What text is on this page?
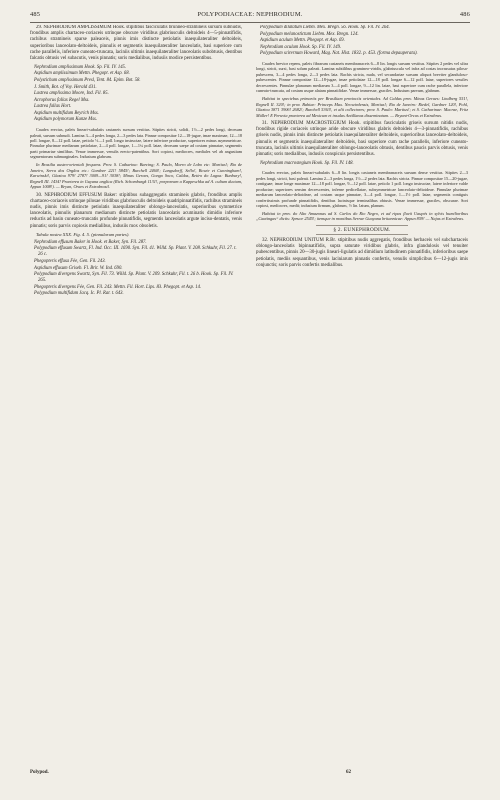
485	POLYPODIACEAE: NEPHRODIUM.	486

29. NEPHRODIUM AMPLISSIMUM Hook. stipitibus fasciculatis brunneo-stramineis sursum subnudis, frondibus amplis chartaceo-coriaceis utrinque obscure viridibus glabriusculis deltoideis 4—5-pinnatifidis, rachibus stramineis sparse paleaceis, pinnis imis distincte petiolatis inaequilateraliter deltoideis, superioribus lanceolato-deltoideis, pinnulis et segmentis inaequilateraliter lanceolatis, basi superiore cum rache parallelis, inferiore cuneato-truncata, laciniis ultimis inaequilateraliter lanceolatis subobtusis, dentibus falcatis obtusis vel subacutis, venis pinnatis; soris medialibus, indusiis modice persistentibus.

Nephrodium amplissimum Hook. Sp. Fil. IV. 145.

Aspidium amplissimum Mettn. Phegopt. et Asp. 68.

Polystichum amplissimum Presl, Tent. 84. Epim. Bot. 58.

J. Smith, Bot. of Voy. Herald 431.

Lastrea amplissima Moore, Ind. Fil. 85.

Acrophorus fallax Regel Mss.

Lastrea fallax Hort.

Aspidium multifidum Beyrich Mss.

Aspidium polymorum Kunze Mss.

Caudex erectus, paleis lineari-subulatis castaneis sursum vestitus. Stipites stricti, solidi, 1½—2 pedes longi, deorsum paleati, sursum subnudi. Lamina 3—4 pedes longa, 2—3 pedes lata. Pinnae compositae 12—18-jugae, imae maximae, 12—18 poll. longae, 8—12 poll. latae, petiolo ½—1 poll. longo instructae, latere inferiore productae, superiores minus asymmetricae. Pinnulae plurimae mediarum petiolatae, 2—4 poll. longae, 1—1¼ poll. latae, deorsum saepe ad costam pinnatae, segmentis parti primariae similibus. Venae immersae, venulis erecto-patentibus. Sori copiosi, mediocres, mediales vel ab angustiam segmentorum submarginales. Indusium glabrum.

In Brasilia austro-orientali frequens. Prov. S. Catharina: Barcing; S. Paulo, Morro de Lobo etc: Martius!; Rio de Janeiro, Serra dos Orgãos etc.: Gardner 221! 5845!; Burchell 2460!; Langsdorff, Sello!, Bowie et Cunningham!, Karwinski!, Glaziou 979! 2787! 3009—91! 3038!; Minas Geraes, Gongo Soco, Caldas, Retiro do Lagoa: Bunbury!, Regnell III. 1434! Praeterea in Guyana anglica (Rich. Schomburgk 1131!, porpoream a Kappeschka ad A. cultum ductum, Appun 1008!). — Bryan, Oraes et Extrabrasil.

30. NEPHRODIUM EFFUSUM Baker: stipitibus subaggregatis stramineis glabris, frondibus amplis chartaceo-coriaceis utrinque pilosae viridibus glabriusculis deltoideis quadripinnatifidis, rachibus stramineis nudis, pinnis imis distincte petiolatis inaequilateraliter oblongo-lanceolatis, superioribus symmetrice lanceolatis, pinnulis planarum medianum distincte petiolatis lanceolatis acuminatis dimidio inferiore reductis ad basin cuneato-truncatis profunde pinnatifidis, segmentis lanceolatis argute inciso-dentatis, venis pinnatis; soris parvis copiosis medialibus, indusiis mox obsoletis.

Tabula nostra XXX. Fig. 4. 5. (pinnularum partes).

Nephrodium effusum Baker in Hook. et Baker, Syn. Fil. 287.

Polypodium effusum Swartz, Fl. Ind. Occ. III. 1690. Syn. Fil. 41. Willd. Sp. Plant. V. 208. Schkuhr, Fil. 27. t. 26 c.

Phegopteris effusa Fée, Gen. Fil. 243.

Aspidium effusum Griseb. Fl. Brit. W. Ind. 690.

Polypodium divergens Swartz, Syn. Fil. 73. Willd. Sp. Plant. V. 209. Schkuhr, Fil. t. 26 b. Hook. Sp. Fil. IV. 265.

Phegopteris divergens Fée, Gen. Fil. 243. Mettn. Fil. Hort. Lips. 83. Phegopt. et Asp. 14.

Polypodium multifidum Jacq. Ic. Pl. Rar. t. 643.

Polypodium dilatatum Liebm. Mex. Bregn. 56. Hook. Sp. Fil. IV. 264.

Polypodium melanostictum Liebm. Mex. Bregn. 124.

Aspidium aculum Mettn. Phegopt. et Asp. 69.

Nephrodium aculum Hook. Sp. Fil. IV. 149.

Polypodium scirernum Howard, Mag. Nat. Hist. 1832. p. 453. (forma depauperata).

Caudex brevior repens, paleis fibrarum castaneis membranaceis 6—8 lin. longis sursum vestitus. Stipites 2 pedes vel ultra longi, stricti, sursi, basi solum paleati. Lamina subtilibus gramineo-viridis, glabriuscula vel infra ad costas incrassatas pilosa-pubescens, 3—4 pedes longa, 2—3 pedes lata. Rachis stricta, nuda, vel secundariae sursum aliquot breviter glanduloso-pubescentes. Pinnae compositae 12—18-jugae, imae petiolatae 12—18 poll. longae 6—12 poll. latae, superiores sessiles decrescentes. Pinnulae planarum mediarum 3—4 poll. longae, 9—12 lin. latae, basi superiore cum rache parallela, inferiore cuneato-truncata, ad costam usque alatam pinnatifidae. Venae immersae, graciles. Indusium parvum, glabrum.

Habitat in speciebus primariis per Brasiliam provinciis orientales. Ad Caldas prov. Minas Geraes: Lindberg 551!, Regnell II. 320!; in prov. Bahiae: Princeps Max. Neowiedensis, Martius!; Rio de Janeiro: Riedel, Gardner 120!, Pohl, Glaziou 3871 3906! 2682!; Burchell 5363!, et alii collectores; prov. S. Paulo: Martius!; et S. Catharinae: Macrae, Fritz Müller! E Peruvia praeterea ad Mexicum et insulas Antillanas disseminatum. — Bryant-Orcas et Extrabras.

31. NEPHRODIUM MACROSTEGIUM Hook. stipitibus fasciculatis griseis sursum nitidis nudis, frondibus rigide coriaceis utrinque aride obscure viridibus glabris deltoideis 4—3-pinnatifidis, rachibus griseis nudis, pinnis imis distincte petiolatis inaequilateraliter deltoideis, superioribus lanceolato-deltoideis, pinnulis et segmentis inaequilateraliter deltoideis, basi superiore cum rache parallelis, inferiore cuneato-truncata, laciniis ultimis inaequilateraliter oblongo-lanceolatis obtusis, dentibus paucis parvis obtusis, venis pinnatis; soris medialibus, indusiis conspicuis persistentibus.

Nephrodium macrostegium Hook. Sp. Fil. IV. 148.

Caudex erectus, paleis lineari-subulatis 6—8 lin. longis castaneis membranaceis sursum dense vestitus. Stipites 2—3 pedes longi, stricti, basi paleati. Lamina 2—3 pedes longa, 1½—2 pedes lata. Rachis stricta. Pinnae compositae 15—20-jugae, contiguae; imae longe maximae 12—18 poll. longae, 9—12 poll. latae, petiolo 1 poll. longo instructae, latere inferiore valde productae; superiores sensim decrescentes, inferne pedicellatae, subsymmetricae lanceolato-deltoideae. Pinnulae plurimae mediarum lanceolato-deltoideae, ad costam usque pinnatae, 3—4 poll. longae, 1—1½ poll. latae, segmentis contiguis confertissimis profunde pinnatifidis, dentibus lacinisque terminalibus obtusis. Venae immersae, graciles, obscurae. Sori copiosi, mediocres, medii; indusium firmum, glabrum, ½ lin. latum, planum.

Habitat in prov. do Alto Amazonas ad S. Carlos do Rio Negro, et ad ripas fluvii Uaupés in sylvis humilioribus „Caatingas“ dictis: Spruce 2545!; itemque in montibus Serrae Guayana britannicae: Appun 859! — Najas et Extrabras.

§ 2. EUNEPHRODIUM.

32. NEPHRODIUM UNITUM R.Br. stipitibus nudis aggregatis, frondibus herbaceis vel subchartaceis oblongo-lanceolatis bipinnatifidis, supra saturate viridibus glabris, infra glandulosis vel tenuiter pubescentibus, pinnis 20—30-jugis lineari-ligulatis ad dimidium latitudinem pinnatifidis, inferioribus saepe petiolatis, mediis sequantibus, venis laciniarum pinnatis confertis, venulis simplicibus 6—12-jugis imis conjunctis; soris parvis confertis medialibus.

Polypod.	62
